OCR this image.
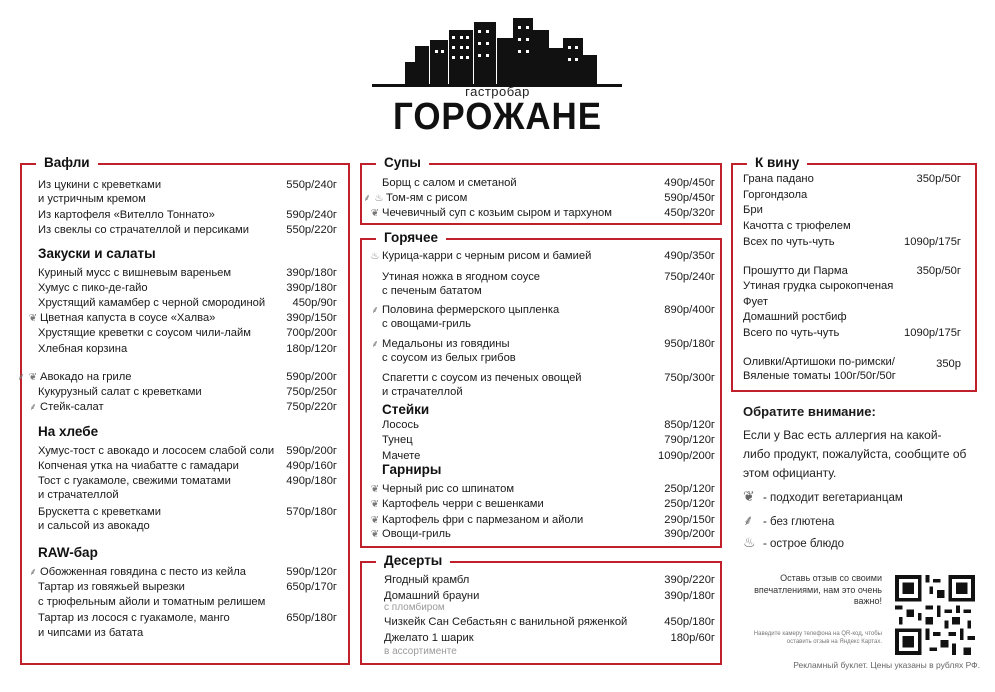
гастробар
ГОРОЖАНЕ
Вафли
Из цукини с креветками
и устричным кремом
550р/240г
Из картофеля «Вителло Тоннато»	590р/240г
Из свеклы со страчателлой и персиками	550р/220г
Закуски и салаты
Куриный мусс с вишневым вареньем	390р/180г
Хумус с пико-де-гайо	390р/180г
Хрустящий камамбер с черной смородиной 450р/90г
❦ Цветная капуста в соусе «Халва»	390р/150г
Хрустящие креветки с соусом чили-лайм	700р/200г
Хлебная корзина	180р/120г
⸙ ❦ Авокадо на гриле	590р/200г
Кукурузный салат с креветками	750р/250г
⸙ Стейк-салат	750р/220г
На хлебе
Хумус-тост с авокадо и лососем слабой соли 590р/200г
Копченая утка на чиабатте с гамадари	490р/160г
Тост с гуакамоле, свежими томатами
и страчателлой
490р/180г
Брускетта с креветками
и сальсой из авокадо
570р/180г
RAW-бар
⸙ Обожженная говядина с песто из кейла	590р/120г
Тартар из говяжьей вырезки
с трюфельным айоли и томатным релишем
650р/170г
Тартар из лосося с гуакамоле, манго
и чипсами из батата
650р/180г
Супы
Борщ с салом и сметаной	490р/450г
⸙ ♨ Том-ям с рисом	590р/450г
❦ Чечевичный суп с козьим сыром и тархуном	450р/320г
Горячее
♨ Курица-карри с черным рисом и бамией	490р/350г
Утиная ножка в ягодном соусе
с печеным бататом
750р/240г
⸙ Половина фермерского цыпленка
с овощами-гриль
890р/400г
⸙ Медальоны из говядины
с соусом из белых грибов
950р/180г
Спагетти с соусом из печеных овощей
и страчателлой
750р/300г
Стейки
Лосось	850р/120г
Тунец	790р/120г
Мачете	1090р/200г
Гарниры
❦ Черный рис со шпинатом	250р/120г
❦ Картофель черри с вешенками	250р/120г
❦ Картофель фри с пармезаном и айоли	290р/150г
❦ Овощи-гриль	390р/200г
Десерты
Ягодный крамбл	390р/220г
Домашний брауни
с пломбиром
390р/180г
Чизкейк Сан Себастьян с ванильной ряженкой	450р/180г
Джелато 1 шарик
в ассортименте
180р/60г
К вину
Грана падано	350р/50г
Горгондзола
Бри
Качотта с трюфелем
Всех по чуть-чуть	1090р/175г
Прошутто ди Парма	350р/50г
Утиная грудка сырокопченая
Фует
Домашний ростбиф
Всего по чуть-чуть	1090р/175г
Оливки/Артишоки по-римски/
Вяленые томаты 100г/50г/50г
350р
Обратите внимание:
Если у Вас есть аллергия на какой-либо продукт, пожалуйста, сообщите об этом официанту.
❦ - подходит вегетарианцам
⸙ - без глютена
♨ - острое блюдо
Оставь отзыв со своими впечатлениями, нам это очень важно!
Наведите камеру телефона на QR-код, чтобы оставить отзыв на Яндекс Картах.
Рекламный буклет. Цены указаны в рублях РФ.
